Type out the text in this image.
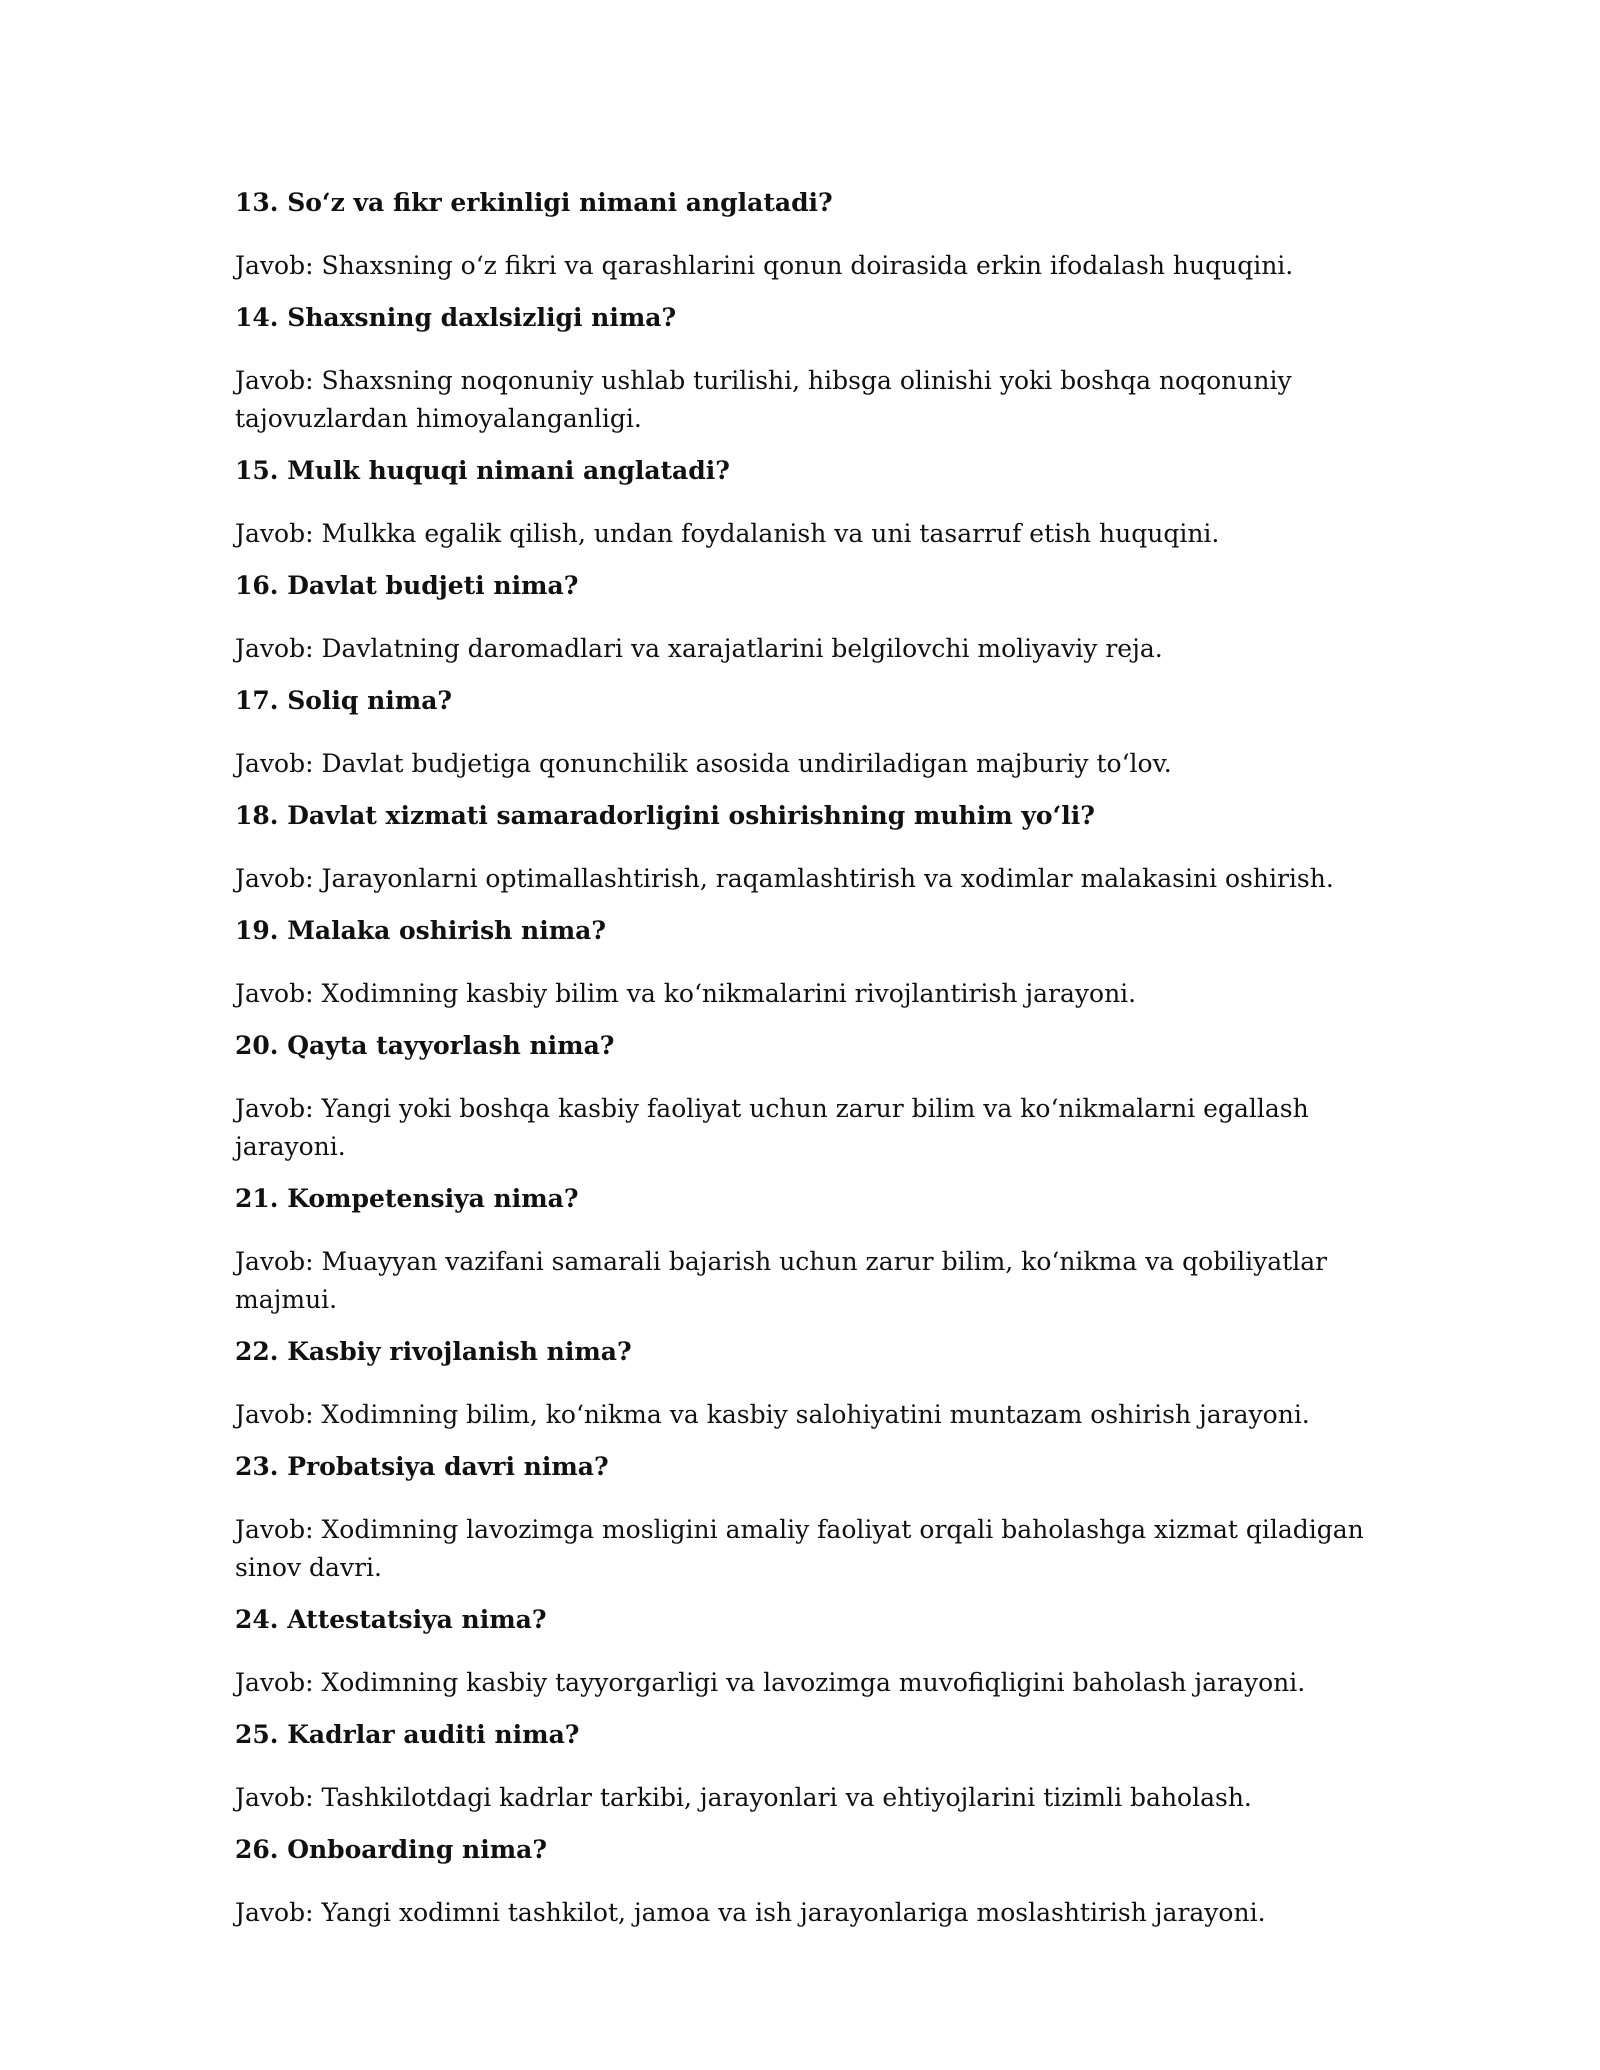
13. So‘z va fikr erkinligi nimani anglatadi?

Javob: Shaxsning o‘z fikri va qarashlarini qonun doirasida erkin ifodalash huquqini.

14. Shaxsning daxlsizligi nima?

Javob: Shaxsning noqonuniy ushlab turilishi, hibsga olinishi yoki boshqa noqonuniy tajovuzlardan himoyalanganligi.

15. Mulk huquqi nimani anglatadi?

Javob: Mulkka egalik qilish, undan foydalanish va uni tasarruf etish huquqini.

16. Davlat budjeti nima?

Javob: Davlatning daromadlari va xarajatlarini belgilovchi moliyaviy reja.

17. Soliq nima?

Javob: Davlat budjetiga qonunchilik asosida undiriladigan majburiy to‘lov.

18. Davlat xizmati samaradorligini oshirishning muhim yo‘li?

Javob: Jarayonlarni optimallashtirish, raqamlashtirish va xodimlar malakasini oshirish.

19. Malaka oshirish nima?

Javob: Xodimning kasbiy bilim va ko‘nikmalarini rivojlantirish jarayoni.

20. Qayta tayyorlash nima?

Javob: Yangi yoki boshqa kasbiy faoliyat uchun zarur bilim va ko‘nikmalarni egallash jarayoni.

21. Kompetensiya nima?

Javob: Muayyan vazifani samarali bajarish uchun zarur bilim, ko‘nikma va qobiliyatlar majmui.

22. Kasbiy rivojlanish nima?

Javob: Xodimning bilim, ko‘nikma va kasbiy salohiyatini muntazam oshirish jarayoni.

23. Probatsiya davri nima?

Javob: Xodimning lavozimga mosligini amaliy faoliyat orqali baholashga xizmat qiladigan sinov davri.

24. Attestatsiya nima?

Javob: Xodimning kasbiy tayyorgarligi va lavozimga muvofiqligini baholash jarayoni.

25. Kadrlar auditi nima?

Javob: Tashkilotdagi kadrlar tarkibi, jarayonlari va ehtiyojlarini tizimli baholash.

26. Onboarding nima?

Javob: Yangi xodimni tashkilot, jamoa va ish jarayonlariga moslashtirish jarayoni.
